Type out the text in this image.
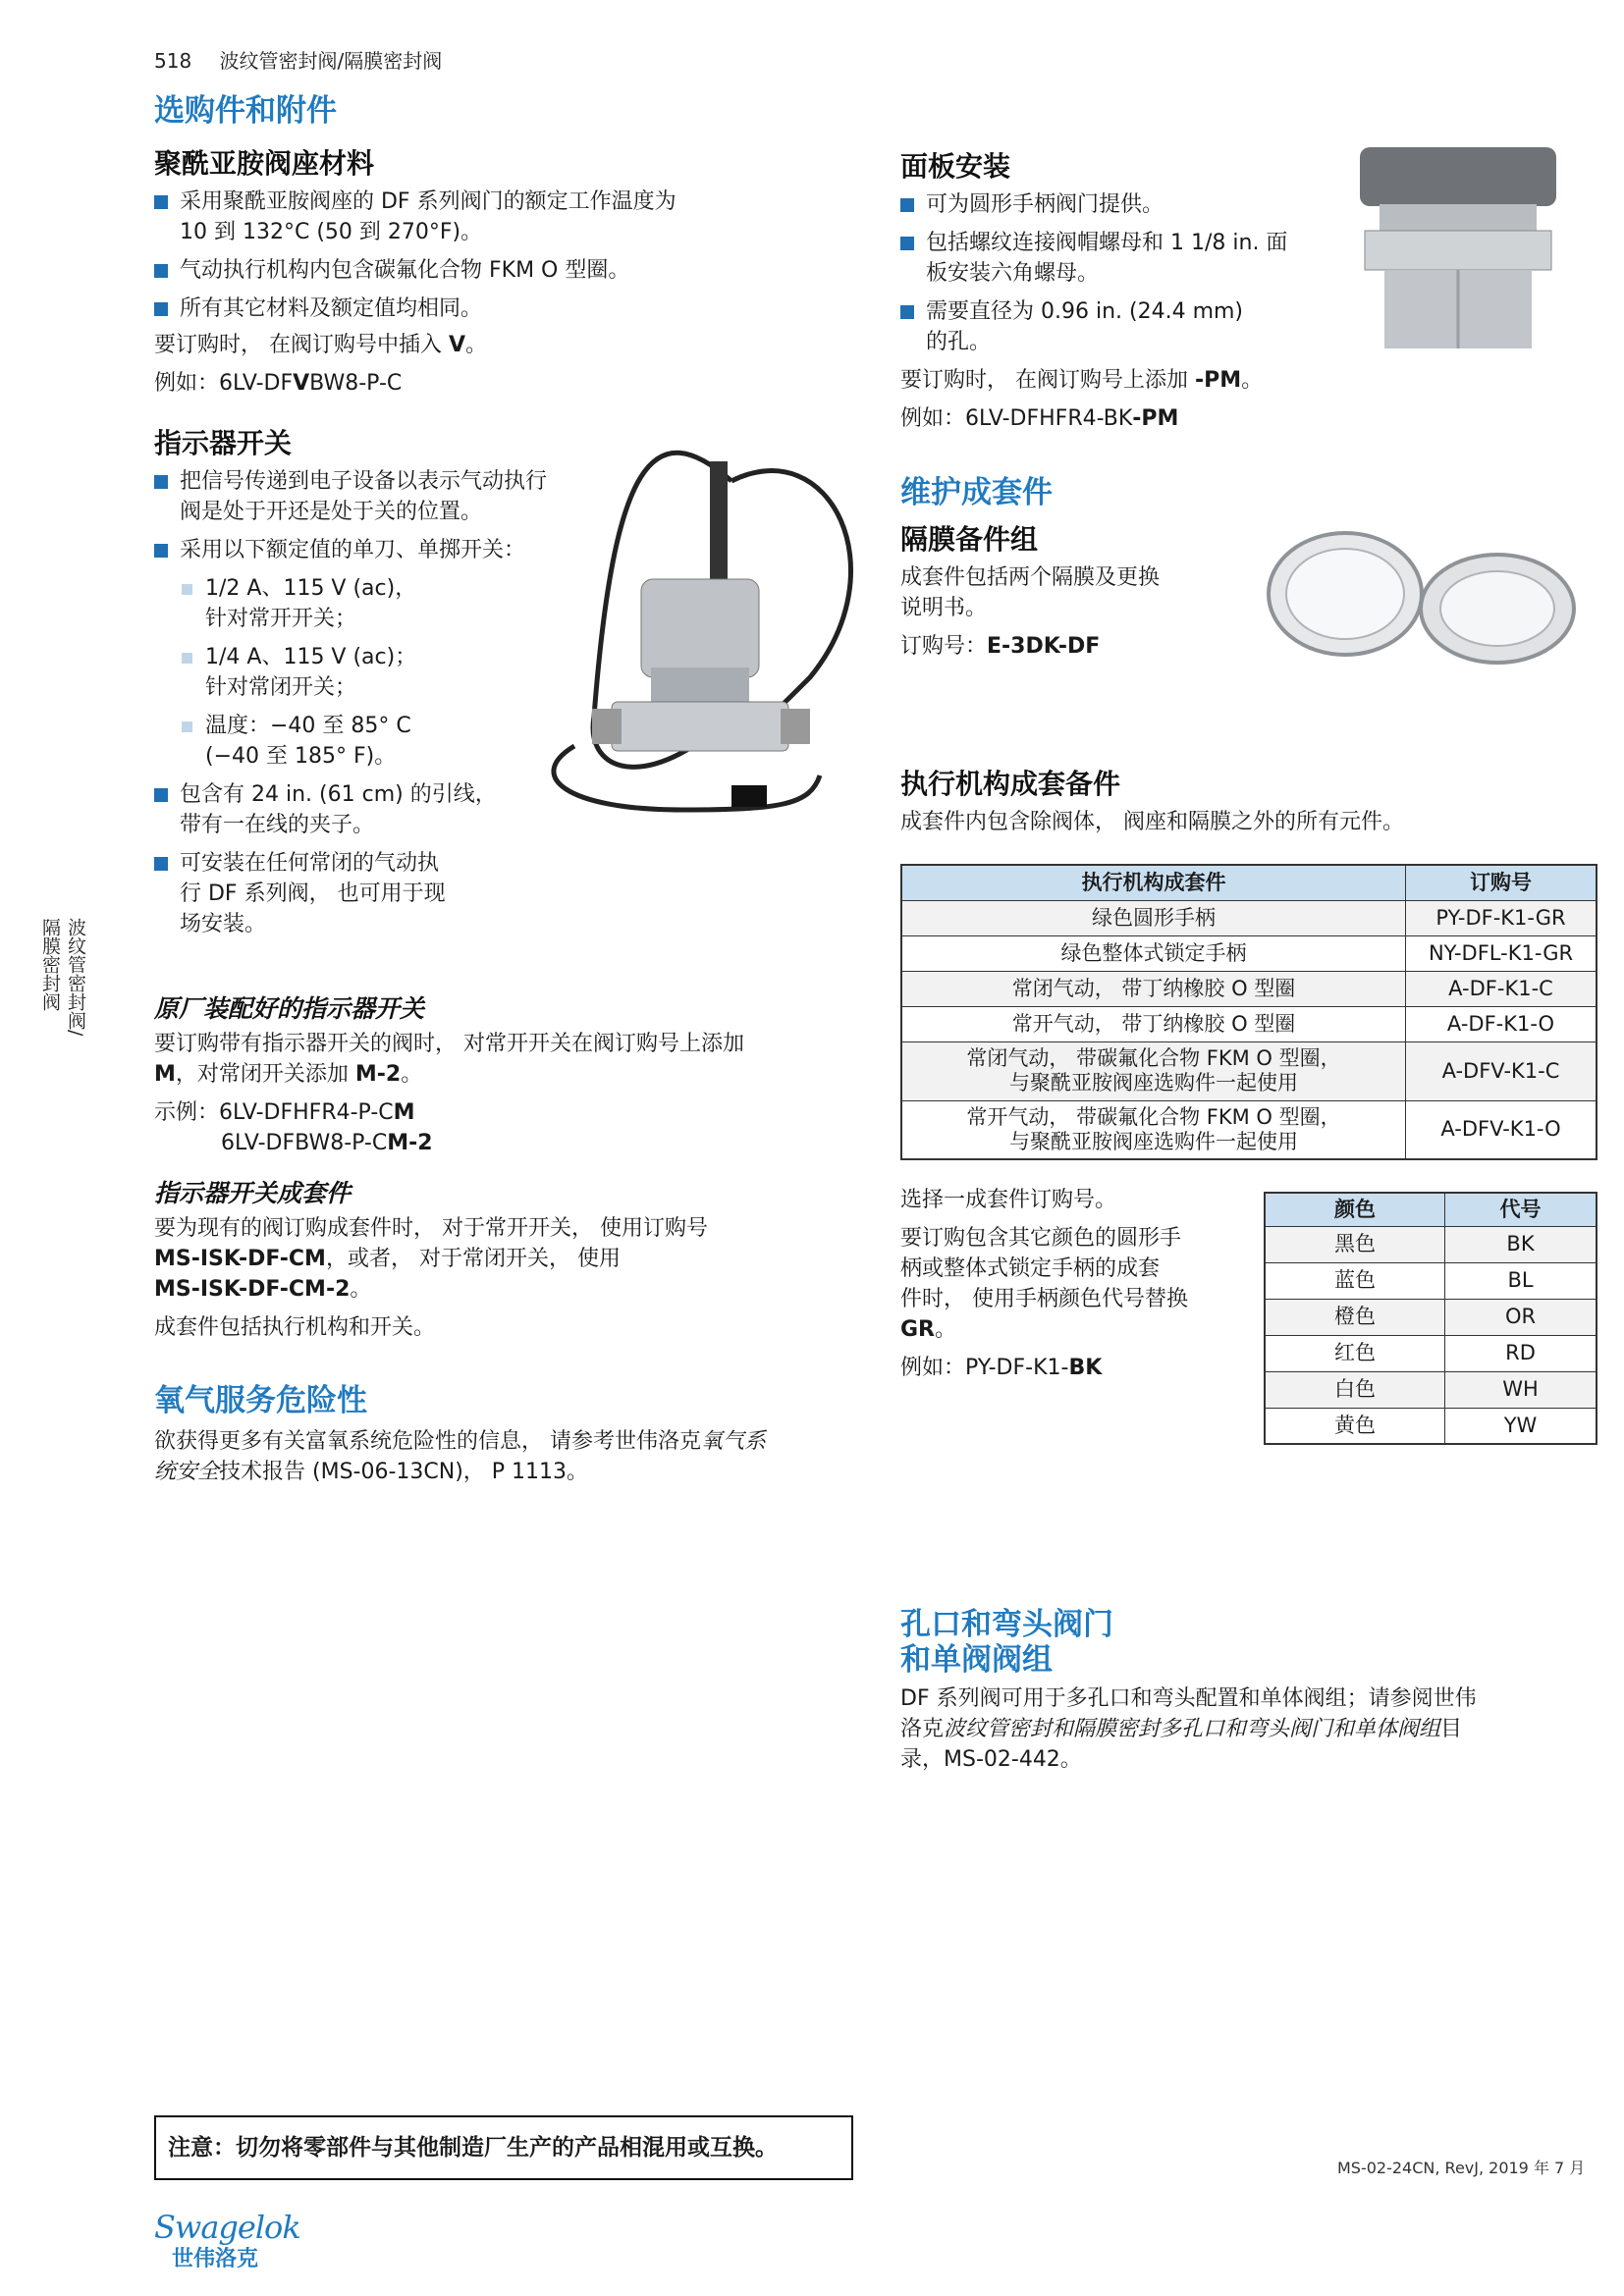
518 波纹管密封阀/隔膜密封阀
波纹管密封阀/
隔膜密封阀
选购件和附件
聚酰亚胺阀座材料
采用聚酰亚胺阀座的 DF 系列阀门的额定工作温度为
10 到 132°C (50 到 270°F)。
气动执行机构内包含碳氟化合物 FKM O 型圈。
所有其它材料及额定值均相同。
要订购时， 在阀订购号中插入 V。
例如：6LV-DFVBW8-P-C
指示器开关
把信号传递到电子设备以表示气动执行
阀是处于开还是处于关的位置。
采用以下额定值的单刀、单掷开关：
1/2 A、115 V (ac)，
针对常开开关；
1/4 A、115 V (ac)；
针对常闭开关；
温度：−40 至 85° C
(−40 至 185° F)。
包含有 24 in. (61 cm) 的引线，
带有一在线的夹子。
可安装在任何常闭的气动执
行 DF 系列阀， 也可用于现
场安装。
原厂装配好的指示器开关
要订购带有指示器开关的阀时， 对常开开关在阀订购号上添加
M，对常闭开关添加 M-2。
示例：6LV-DFHFR4-P-CM
6LV-DFBW8-P-CM-2
指示器开关成套件
要为现有的阀订购成套件时， 对于常开开关， 使用订购号
MS-ISK-DF-CM，或者， 对于常闭开关， 使用
MS-ISK-DF-CM-2。
成套件包括执行机构和开关。
氧气服务危险性
欲获得更多有关富氧系统危险性的信息， 请参考世伟洛克氧气系
统安全技术报告 (MS-06-13CN)， P 1113。
面板安装
可为圆形手柄阀门提供。
包括螺纹连接阀帽螺母和 1 1/8 in. 面
板安装六角螺母。
需要直径为 0.96 in. (24.4 mm)
的孔。
要订购时， 在阀订购号上添加 -PM。
例如：6LV-DFHFR4-BK-PM
维护成套件
隔膜备件组
成套件包括两个隔膜及更换
说明书。
订购号：E-3DK-DF
执行机构成套备件
成套件内包含除阀体， 阀座和隔膜之外的所有元件。
执行机构成套件	订购号
绿色圆形手柄	PY-DF-K1-GR
绿色整体式锁定手柄	NY-DFL-K1-GR
常闭气动， 带丁纳橡胶 O 型圈	A-DF-K1-C
常开气动， 带丁纳橡胶 O 型圈	A-DF-K1-O
常闭气动， 带碳氟化合物 FKM O 型圈，
与聚酰亚胺阀座选购件一起使用	A-DFV-K1-C
常开气动， 带碳氟化合物 FKM O 型圈，
与聚酰亚胺阀座选购件一起使用	A-DFV-K1-O
选择一成套件订购号。
要订购包含其它颜色的圆形手
柄或整体式锁定手柄的成套
件时， 使用手柄颜色代号替换
GR。
例如：PY-DF-K1-BK
颜色	代号
黑色	BK
蓝色	BL
橙色	OR
红色	RD
白色	WH
黄色	YW
孔口和弯头阀门
和单阀阀组
DF 系列阀可用于多孔口和弯头配置和单体阀组；请参阅世伟
洛克波纹管密封和隔膜密封多孔口和弯头阀门和单体阀组目
录，MS-02-442。
注意：切勿将零部件与其他制造厂生产的产品相混用或互换。
MS-02-24CN, RevJ, 2019 年 7 月
Swagelok
世伟洛克
